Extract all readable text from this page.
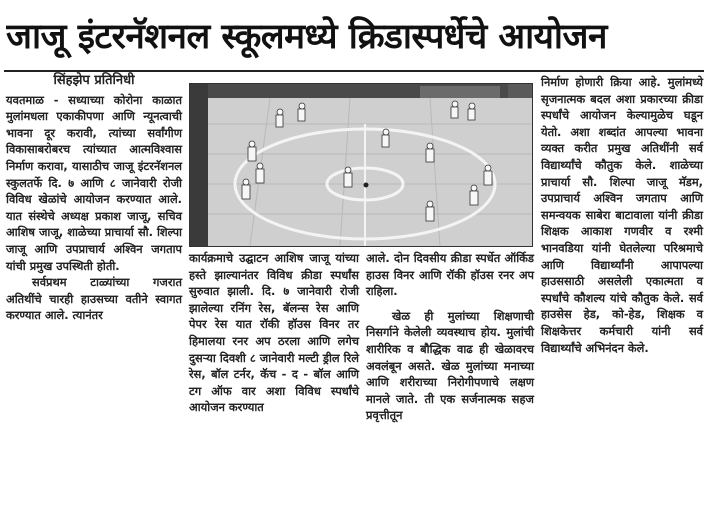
जाजू इंटरनॅशनल स्कूलमध्ये क्रिडास्पर्धेचे आयोजन
सिंहझेप प्रतिनिधी

यवतमाळ - सध्याच्या कोरोना काळात मुलांमधला एकाकीपणा आणि न्यूनत्वाची भावना दूर करावी, त्यांच्या सर्वांगीण विकासाबरोबरच त्यांच्यात आत्मविश्वास निर्माण करावा, यासाठीच जाजू इंटरनॅशनल स्कुलतर्फे दि. ७ आणि ८ जानेवारी रोजी विविध खेळांचे आयोजन करण्यात आले. यात संस्थेचे अध्यक्ष प्रकाश जाजू, सचिव आशिष जाजू, शाळेच्या प्राचार्या सौ. शिल्पा जाजू आणि उपप्राचार्य अश्विन जगताप यांची प्रमुख उपस्थिती होती.

सर्वप्रथम टाळ्यांच्या गजरात अतिथींचे चारही हाउसच्या वतीने स्वागत करण्यात आले. त्यानंतर

कार्यक्रमाचे उद्घाटन आशिष जाजू यांच्या हस्ते झाल्यानंतर विविध क्रीडा स्पर्धांस सुरुवात झाली. दि. ७ जानेवारी रोजी झालेल्या रनिंग रेस, बॅलन्स रेस आणि पेपर रेस यात रॉकी हॉउस विनर तर हिमालया रनर अप ठरला आणि लगेच दुसऱ्या दिवशी ८ जानेवारी मल्टी ड्रील रिले रेस, बॉल टर्नर, कॅच - द - बॉल आणि टग ऑफ वार अशा विविध स्पर्धांचे आयोजन करण्यात

आले. दोन दिवसीय क्रीडा स्पर्धेत ऑर्किड हाउस विनर आणि रॉकी हॉउस रनर अप राहिला.

खेळ ही मुलांच्या शिक्षणाची निसर्गाने केलेली व्यवस्थाच होय. मुलांची शारीरिक व बौद्धिक वाढ ही खेळावरच अवलंबून असते. खेळ मुलांच्या मनाच्या आणि शरीराच्या निरोगीपणाचे लक्षण मानले जाते. ती एक सर्जनात्मक सहज प्रवृत्तीतून

निर्माण होणारी क्रिया आहे. मुलांमध्ये सृजनात्मक बदल अशा प्रकारच्या क्रीडा स्पर्धांचे आयोजन केल्यामुळेच घडून येतो. अशा शब्दांत आपल्या भावना व्यक्त करीत प्रमुख अतिथींनी सर्व विद्यार्थ्यांचे कौतुक केले. शाळेच्या प्राचार्या सौ. शिल्पा जाजू मॅडम, उपप्राचार्य अश्विन जगताप आणि समन्वयक साबेरा बाटावाला यांनी क्रीडा शिक्षक आकाश गणवीर व रश्मी भानवडिया यांनी घेतलेल्या परिश्रमाचे आणि विद्यार्थ्यांनी आपापल्या हाउससाठी असलेली एकात्मता व स्पर्धांचे कौशल्य यांचे कौतुक केले. सर्व हाउसेस हेड, को-हेड, शिक्षक व शिक्षकेत्तर कर्मचारी यांनी सर्व विद्यार्थ्यांचे अभिनंदन केले.
